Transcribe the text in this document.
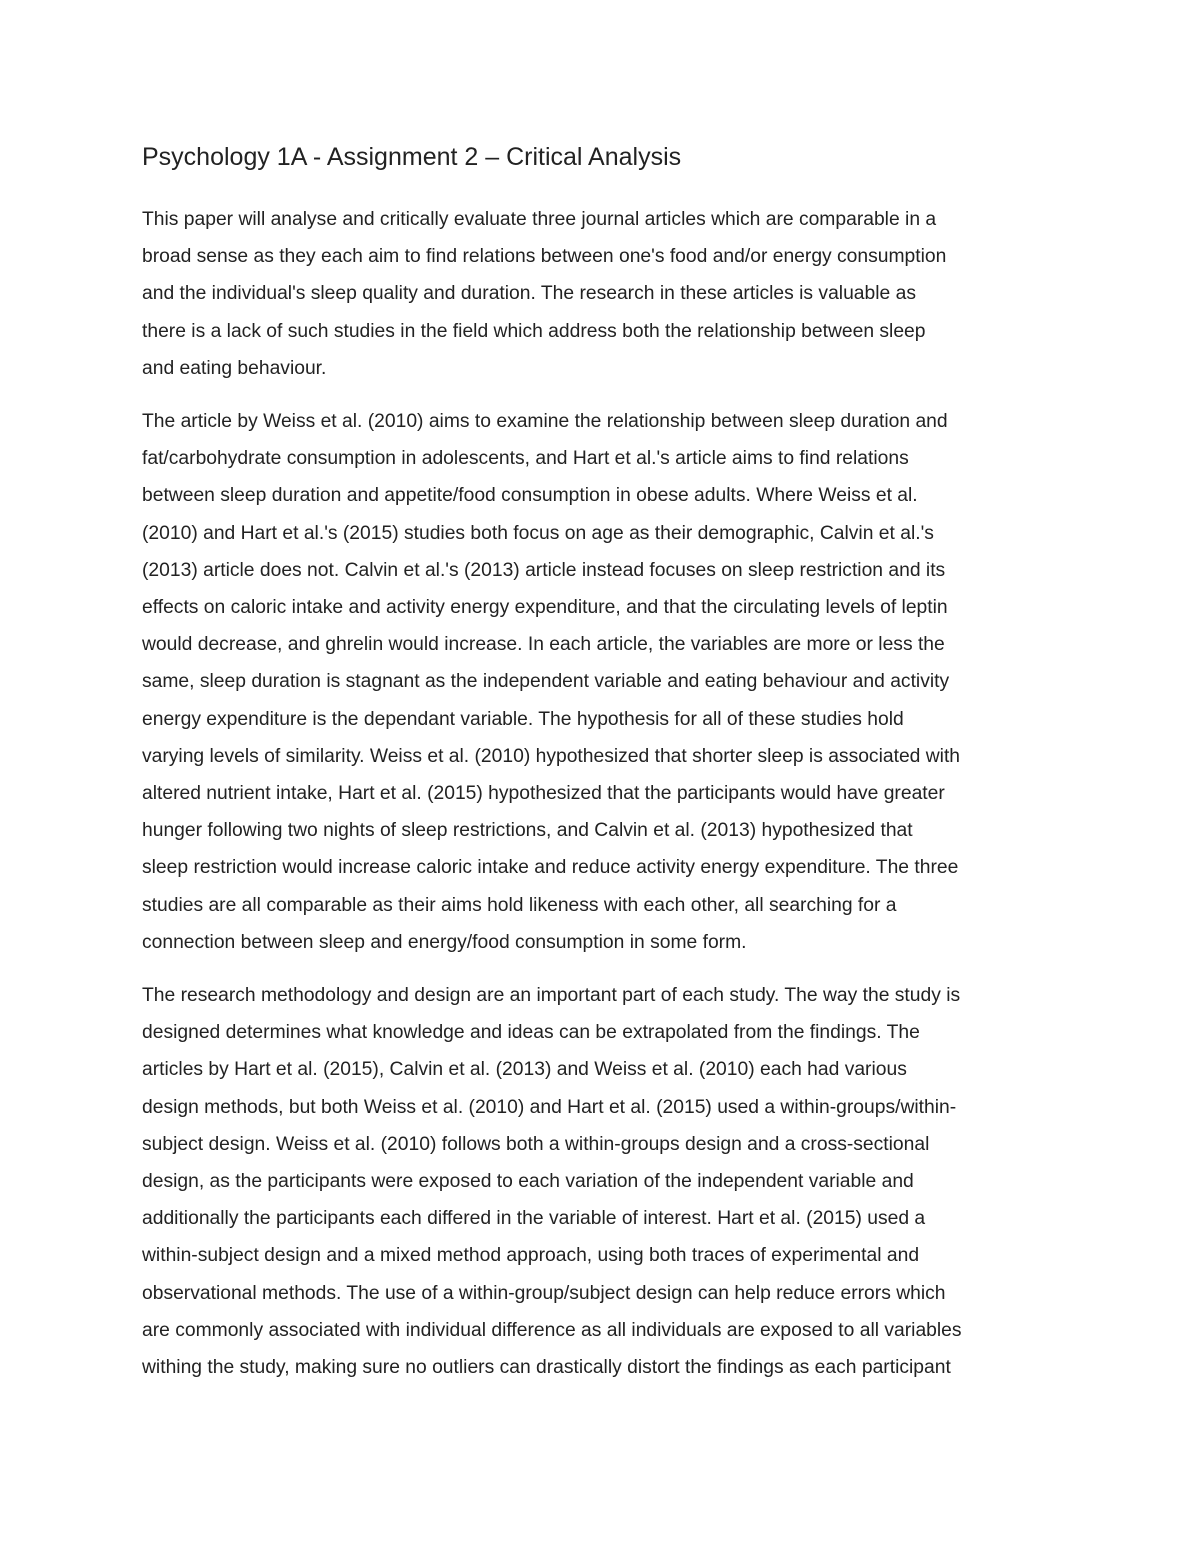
Psychology 1A - Assignment 2 – Critical Analysis
This paper will analyse and critically evaluate three journal articles which are comparable in a
broad sense as they each aim to find relations between one's food and/or energy consumption
and the individual's sleep quality and duration. The research in these articles is valuable as
there is a lack of such studies in the field which address both the relationship between sleep
and eating behaviour.
The article by Weiss et al. (2010) aims to examine the relationship between sleep duration and
fat/carbohydrate consumption in adolescents, and Hart et al.'s article aims to find relations
between sleep duration and appetite/food consumption in obese adults. Where Weiss et al.
(2010) and Hart et al.'s (2015) studies both focus on age as their demographic, Calvin et al.'s
(2013) article does not. Calvin et al.'s (2013) article instead focuses on sleep restriction and its
effects on caloric intake and activity energy expenditure, and that the circulating levels of leptin
would decrease, and ghrelin would increase. In each article, the variables are more or less the
same, sleep duration is stagnant as the independent variable and eating behaviour and activity
energy expenditure is the dependant variable. The hypothesis for all of these studies hold
varying levels of similarity. Weiss et al. (2010) hypothesized that shorter sleep is associated with
altered nutrient intake, Hart et al. (2015) hypothesized that the participants would have greater
hunger following two nights of sleep restrictions, and Calvin et al. (2013) hypothesized that
sleep restriction would increase caloric intake and reduce activity energy expenditure. The three
studies are all comparable as their aims hold likeness with each other, all searching for a
connection between sleep and energy/food consumption in some form.
The research methodology and design are an important part of each study. The way the study is
designed determines what knowledge and ideas can be extrapolated from the findings. The
articles by Hart et al. (2015), Calvin et al. (2013) and Weiss et al. (2010) each had various
design methods, but both Weiss et al. (2010) and Hart et al. (2015) used a within-groups/within-
subject design. Weiss et al. (2010) follows both a within-groups design and a cross-sectional
design, as the participants were exposed to each variation of the independent variable and
additionally the participants each differed in the variable of interest. Hart et al. (2015) used a
within-subject design and a mixed method approach, using both traces of experimental and
observational methods. The use of a within-group/subject design can help reduce errors which
are commonly associated with individual difference as all individuals are exposed to all variables
withing the study, making sure no outliers can drastically distort the findings as each participant
